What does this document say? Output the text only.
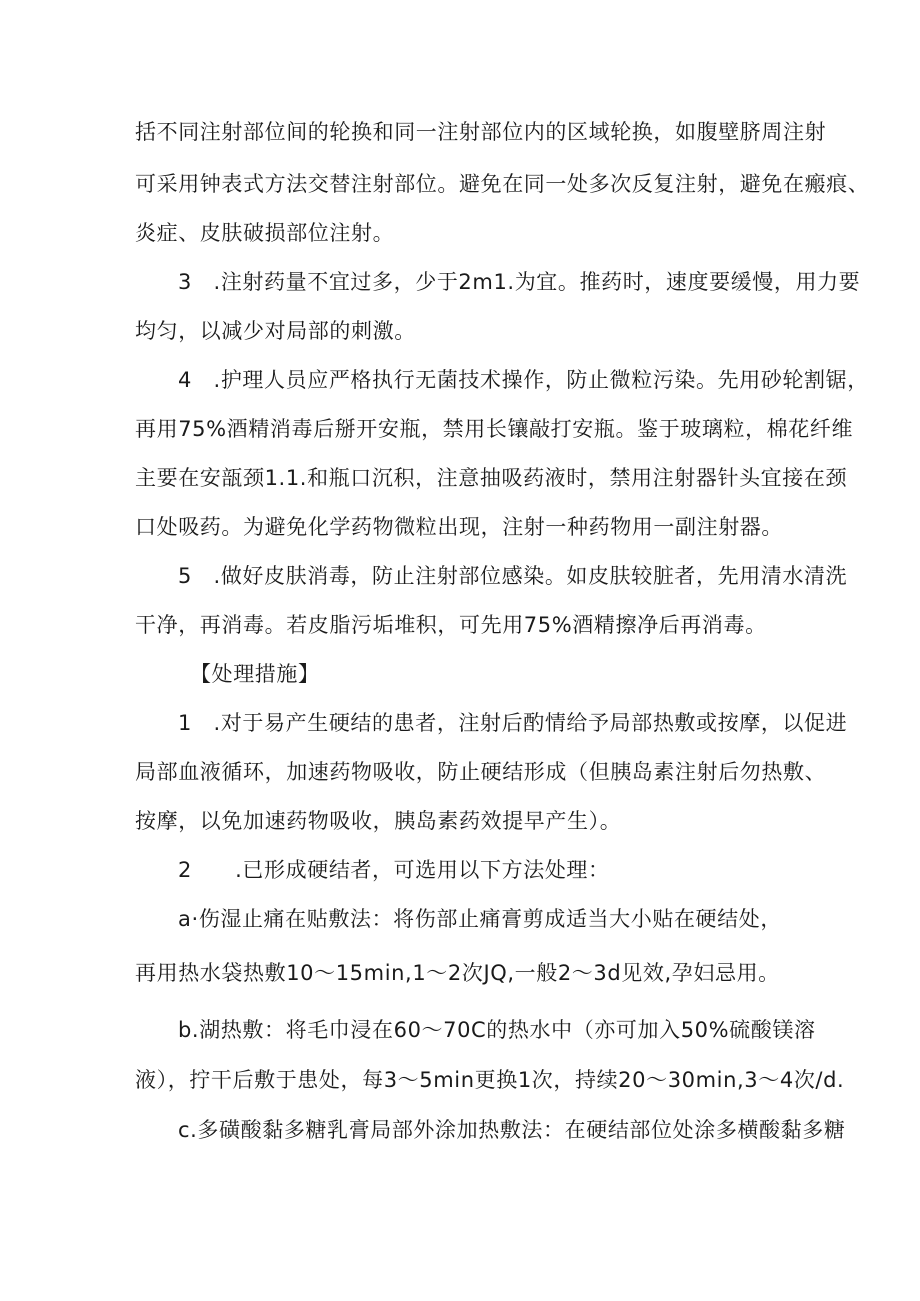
括不同注射部位间的轮换和同一注射部位内的区域轮换，如腹壁脐周注射
可采用钟表式方法交替注射部位。避免在同一处多次反复注射，避免在瘢痕、
炎症、皮肤破损部位注射。
3　.注射药量不宜过多，少于2m1.为宜。推药时，速度要缓慢，用力要
均匀，以减少对局部的刺激。
4　.护理人员应严格执行无菌技术操作，防止微粒污染。先用砂轮割锯，
再用75%酒精消毒后掰开安瓶，禁用长镶敲打安瓶。鉴于玻璃粒，棉花纤维
主要在安瓿颈1.1.和瓶口沉积，注意抽吸药液时，禁用注射器针头宜接在颈
口处吸药。为避免化学药物微粒出现，注射一种药物用一副注射器。
5　.做好皮肤消毒，防止注射部位感染。如皮肤较脏者，先用清水清洗
干净，再消毒。若皮脂污垢堆积，可先用75%酒精擦净后再消毒。
【处理措施】
1　.对于易产生硬结的患者，注射后酌情给予局部热敷或按摩，以促进
局部血液循环，加速药物吸收，防止硬结形成（但胰岛素注射后勿热敷、
按摩，以免加速药物吸收，胰岛素药效提早产生）。
2　　.已形成硬结者，可选用以下方法处理：
a·伤湿止痛在贴敷法：将伤部止痛膏剪成适当大小贴在硬结处，
再用热水袋热敷10〜15min,1〜2次JQ,一般2〜3d见效,孕妇忌用。
b.湖热敷：将毛巾浸在60〜70C的热水中（亦可加入50%硫酸镁溶
液），拧干后敷于患处，每3〜5min更换1次，持续20〜30min,3〜4次/d.
c.多磺酸黏多糖乳膏局部外涂加热敷法：在硬结部位处涂多横酸黏多糖
